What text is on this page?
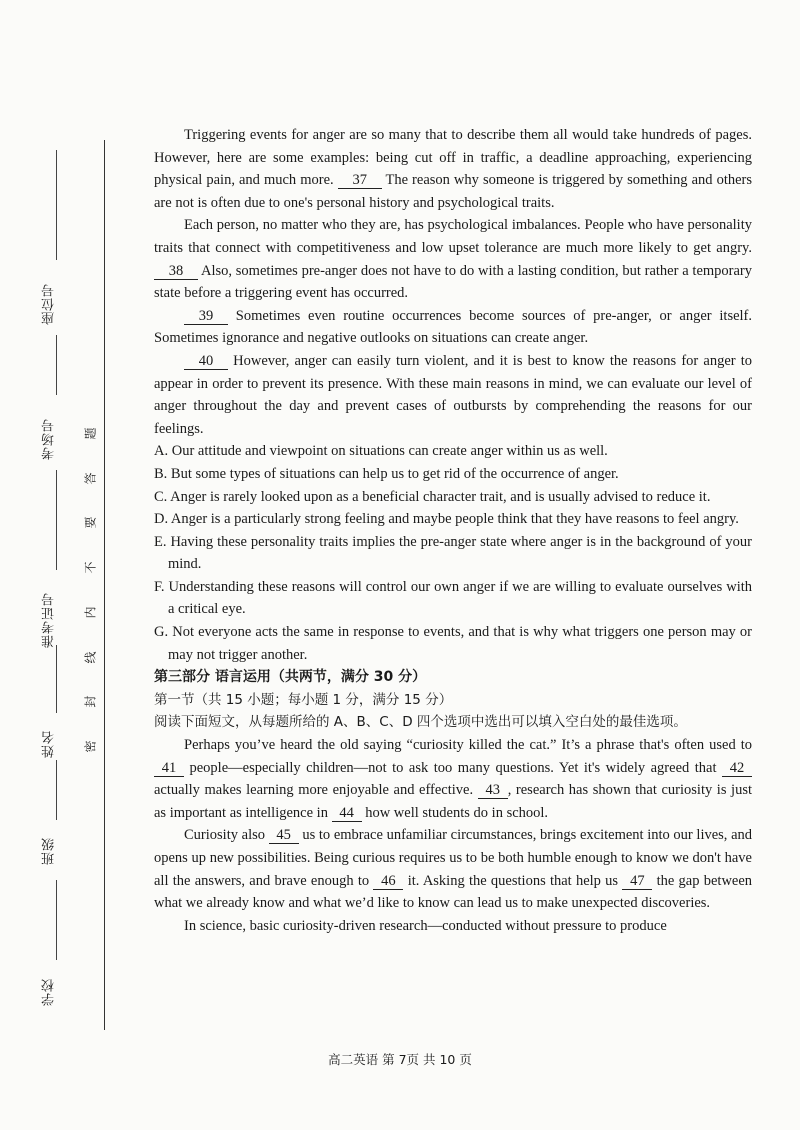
座位号
考场号
准考证号
姓名
班级
学校
题
答
要
不
内
线
封
密

Triggering events for anger are so many that to describe them all would take hundreds of pages. However, here are some examples: being cut off in traffic, a deadline approaching, experiencing physical pain, and much more. 37 The reason why someone is triggered by something and others are not is often due to one's personal history and psychological traits.

Each person, no matter who they are, has psychological imbalances. People who have personality traits that connect with competitiveness and low upset tolerance are much more likely to get angry. 38 Also, sometimes pre-anger does not have to do with a lasting condition, but rather a temporary state before a triggering event has occurred.

39 Sometimes even routine occurrences become sources of pre-anger, or anger itself. Sometimes ignorance and negative outlooks on situations can create anger.

40 However, anger can easily turn violent, and it is best to know the reasons for anger to appear in order to prevent its presence. With these main reasons in mind, we can evaluate our level of anger throughout the day and prevent cases of outbursts by comprehending the reasons for our feelings.

A. Our attitude and viewpoint on situations can create anger within us as well.

B. But some types of situations can help us to get rid of the occurrence of anger.

C. Anger is rarely looked upon as a beneficial character trait, and is usually advised to reduce it.

D. Anger is a particularly strong feeling and maybe people think that they have reasons to feel angry.

E. Having these personality traits implies the pre-anger state where anger is in the background of your mind.

F. Understanding these reasons will control our own anger if we are willing to evaluate ourselves with a critical eye.

G. Not everyone acts the same in response to events, and that is why what triggers one person may or may not trigger another.

第三部分 语言运用（共两节，满分 30 分）

第一节（共 15 小题；每小题 1 分，满分 15 分）

阅读下面短文，从每题所给的 A、B、C、D 四个选项中选出可以填入空白处的最佳选项。

Perhaps you’ve heard the old saying “curiosity killed the cat.” It’s a phrase that's often used to 41 people—especially children—not to ask too many questions. Yet it's widely agreed that 42 actually makes learning more enjoyable and effective. 43 , research has shown that curiosity is just as important as intelligence in 44 how well students do in school.

Curiosity also 45 us to embrace unfamiliar circumstances, brings excitement into our lives, and opens up new possibilities. Being curious requires us to be both humble enough to know we don't have all the answers, and brave enough to 46 it. Asking the questions that help us 47 the gap between what we already know and what we’d like to know can lead us to make unexpected discoveries.

In science, basic curiosity-driven research—conducted without pressure to produce

高二英语 第 7页 共 10 页
